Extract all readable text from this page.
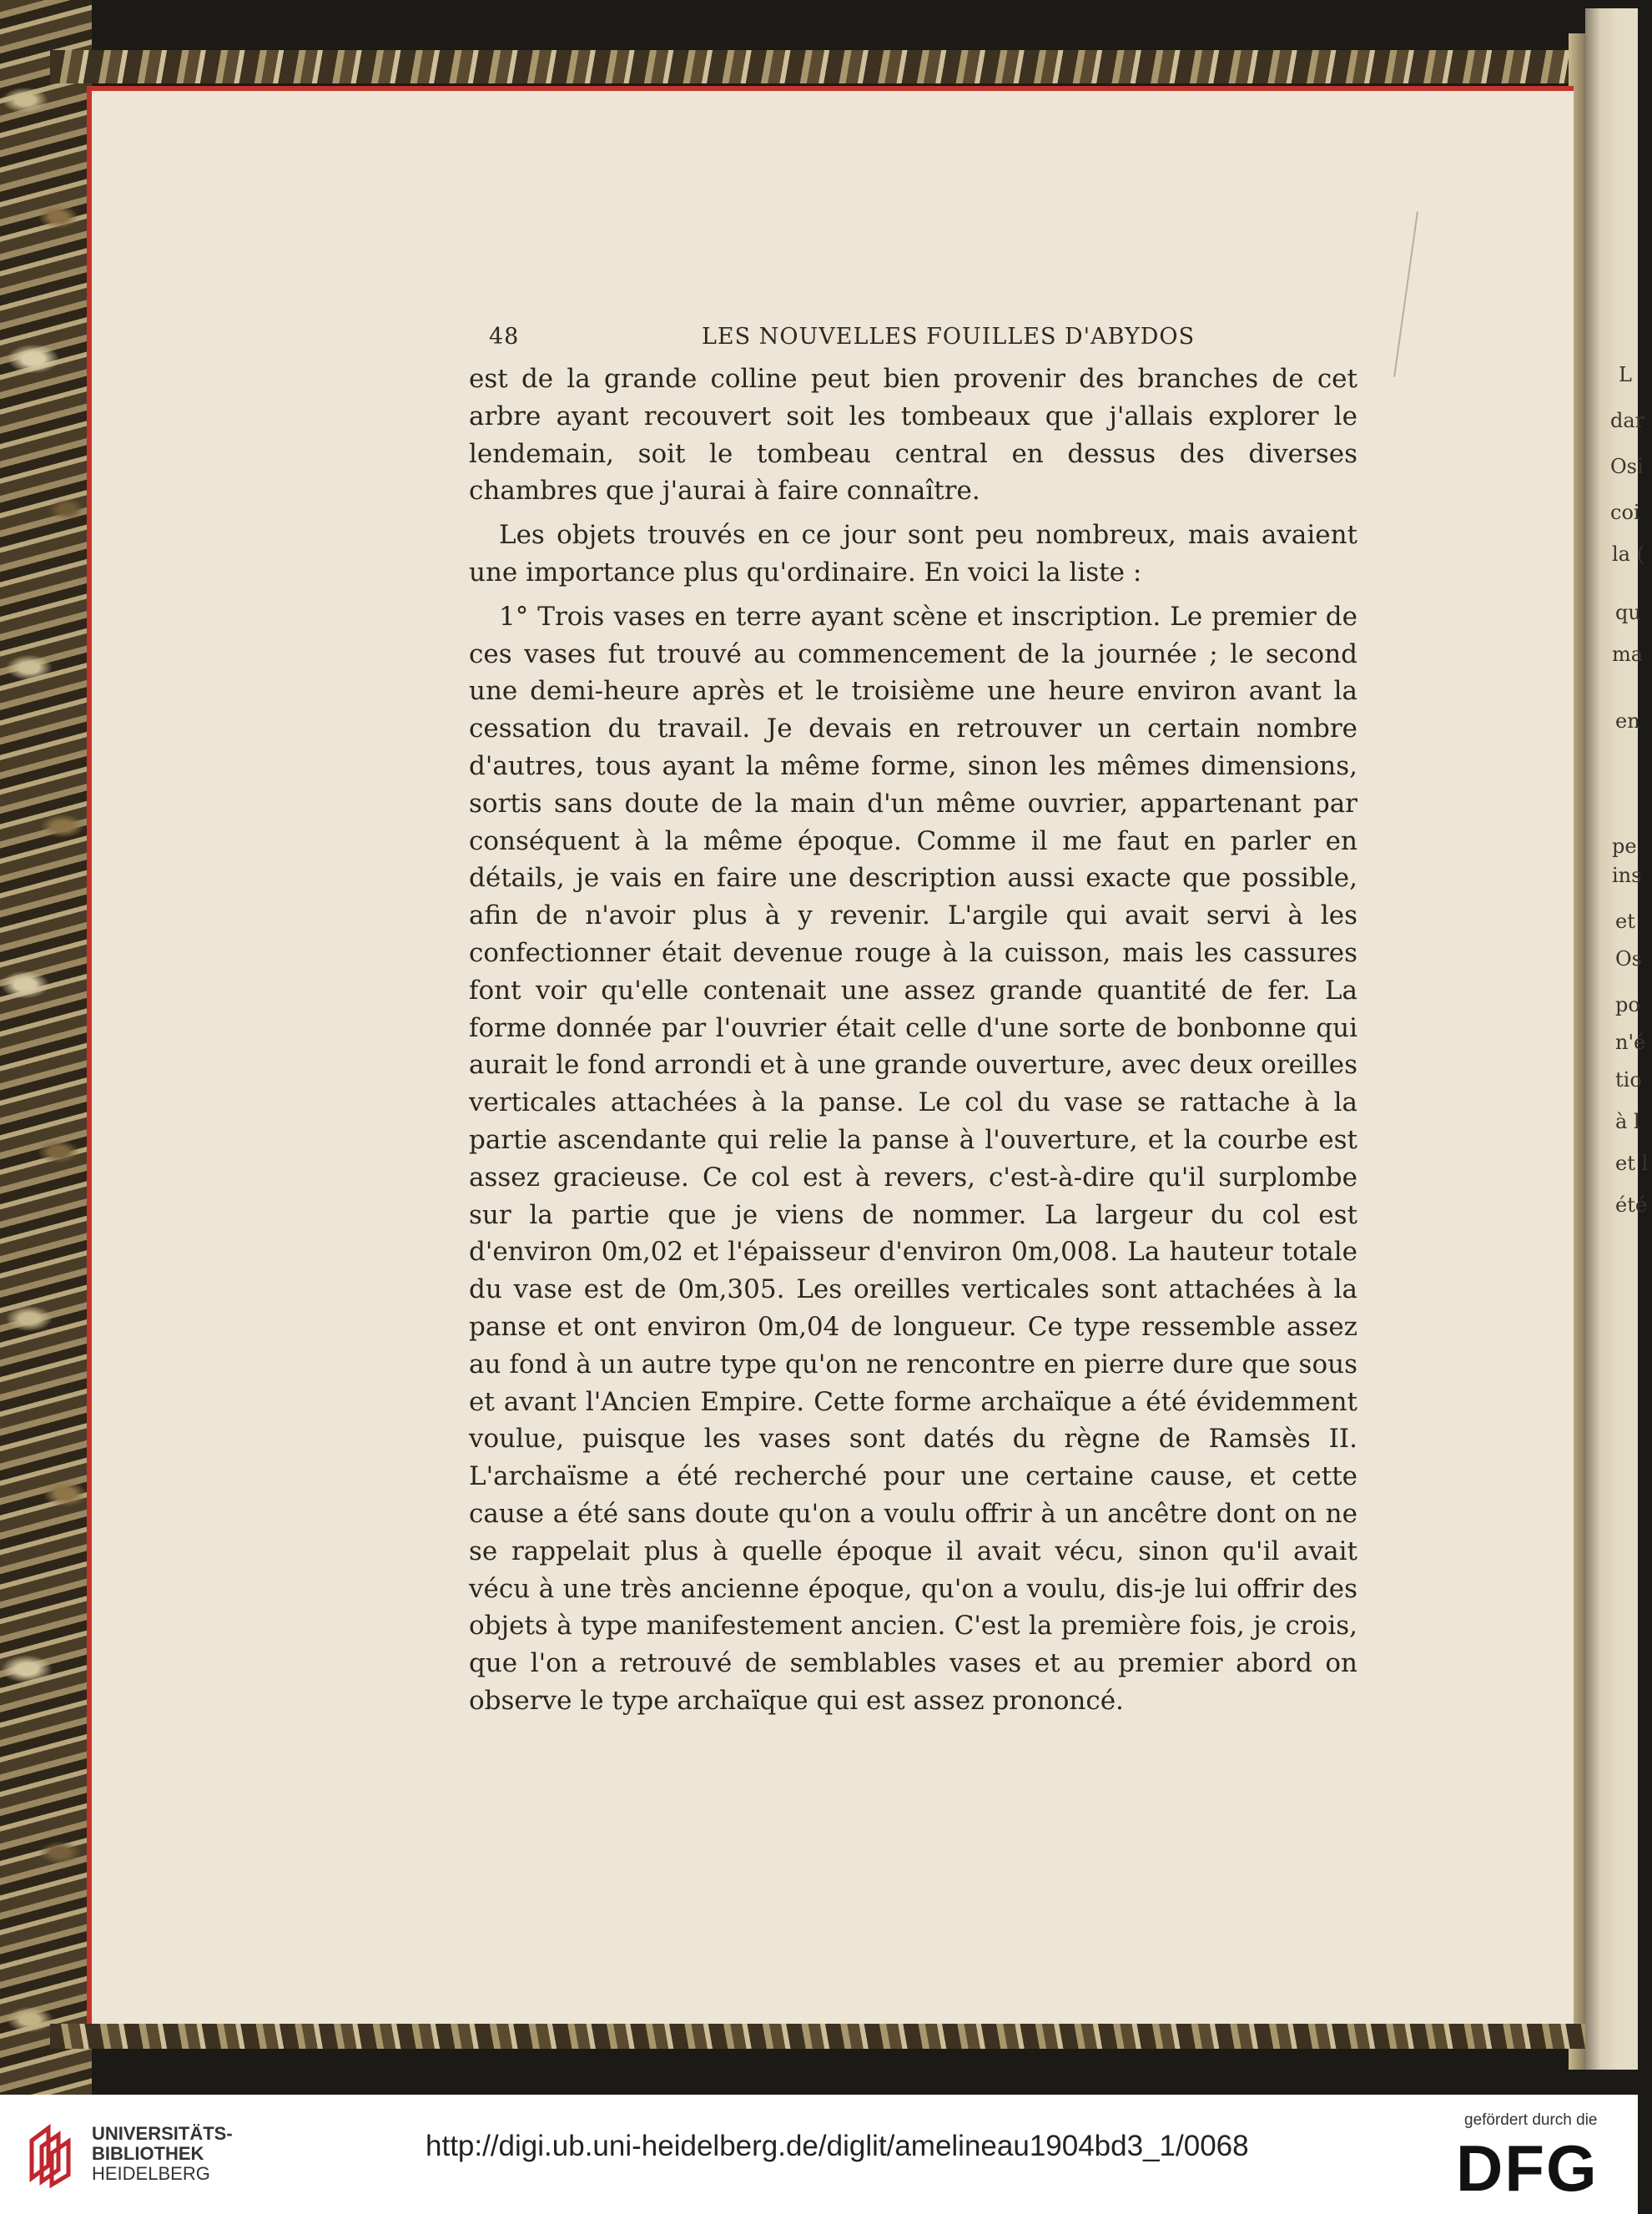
L
dar
Osi
coi
la (
qu
ma
en
pe
ins
et
Os
po
n'é
tio
à l
et l
été
48	LES NOUVELLES FOUILLES D'ABYDOS

est de la grande colline peut bien provenir des branches de cet arbre ayant recouvert soit les tombeaux que j'allais explorer le lendemain, soit le tombeau central en dessus des diverses chambres que j'aurai à faire connaître.

Les objets trouvés en ce jour sont peu nombreux, mais avaient une importance plus qu'ordinaire. En voici la liste :

1° Trois vases en terre ayant scène et inscription. Le premier de ces vases fut trouvé au commencement de la journée ; le second une demi-heure après et le troisième une heure environ avant la cessation du travail. Je devais en retrouver un certain nombre d'autres, tous ayant la même forme, sinon les mêmes dimensions, sortis sans doute de la main d'un même ouvrier, appartenant par conséquent à la même époque. Comme il me faut en parler en détails, je vais en faire une description aussi exacte que possible, afin de n'avoir plus à y revenir. L'argile qui avait servi à les confectionner était devenue rouge à la cuisson, mais les cassures font voir qu'elle contenait une assez grande quantité de fer. La forme donnée par l'ouvrier était celle d'une sorte de bonbonne qui aurait le fond arrondi et à une grande ouverture, avec deux oreilles verticales attachées à la panse. Le col du vase se rattache à la partie ascendante qui relie la panse à l'ouverture, et la courbe est assez gracieuse. Ce col est à revers, c'est-à-dire qu'il surplombe sur la partie que je viens de nommer. La largeur du col est d'environ 0m,02 et l'épaisseur d'environ 0m,008. La hauteur totale du vase est de 0m,305. Les oreilles verticales sont attachées à la panse et ont environ 0m,04 de longueur. Ce type ressemble assez au fond à un autre type qu'on ne rencontre en pierre dure que sous et avant l'Ancien Empire. Cette forme archaïque a été évidemment voulue, puisque les vases sont datés du règne de Ramsès II. L'archaïsme a été recherché pour une certaine cause, et cette cause a été sans doute qu'on a voulu offrir à un ancêtre dont on ne se rappelait plus à quelle époque il avait vécu, sinon qu'il avait vécu à une très ancienne époque, qu'on a voulu, dis-je lui offrir des objets à type manifestement ancien. C'est la première fois, je crois, que l'on a retrouvé de semblables vases et au premier abord on observe le type archaïque qui est assez prononcé.

UNIVERSITÄTS-
BIBLIOTHEK
HEIDELBERG
http://digi.ub.uni-heidelberg.de/diglit/amelineau1904bd3_1/0068
gefördert durch die
DFG
